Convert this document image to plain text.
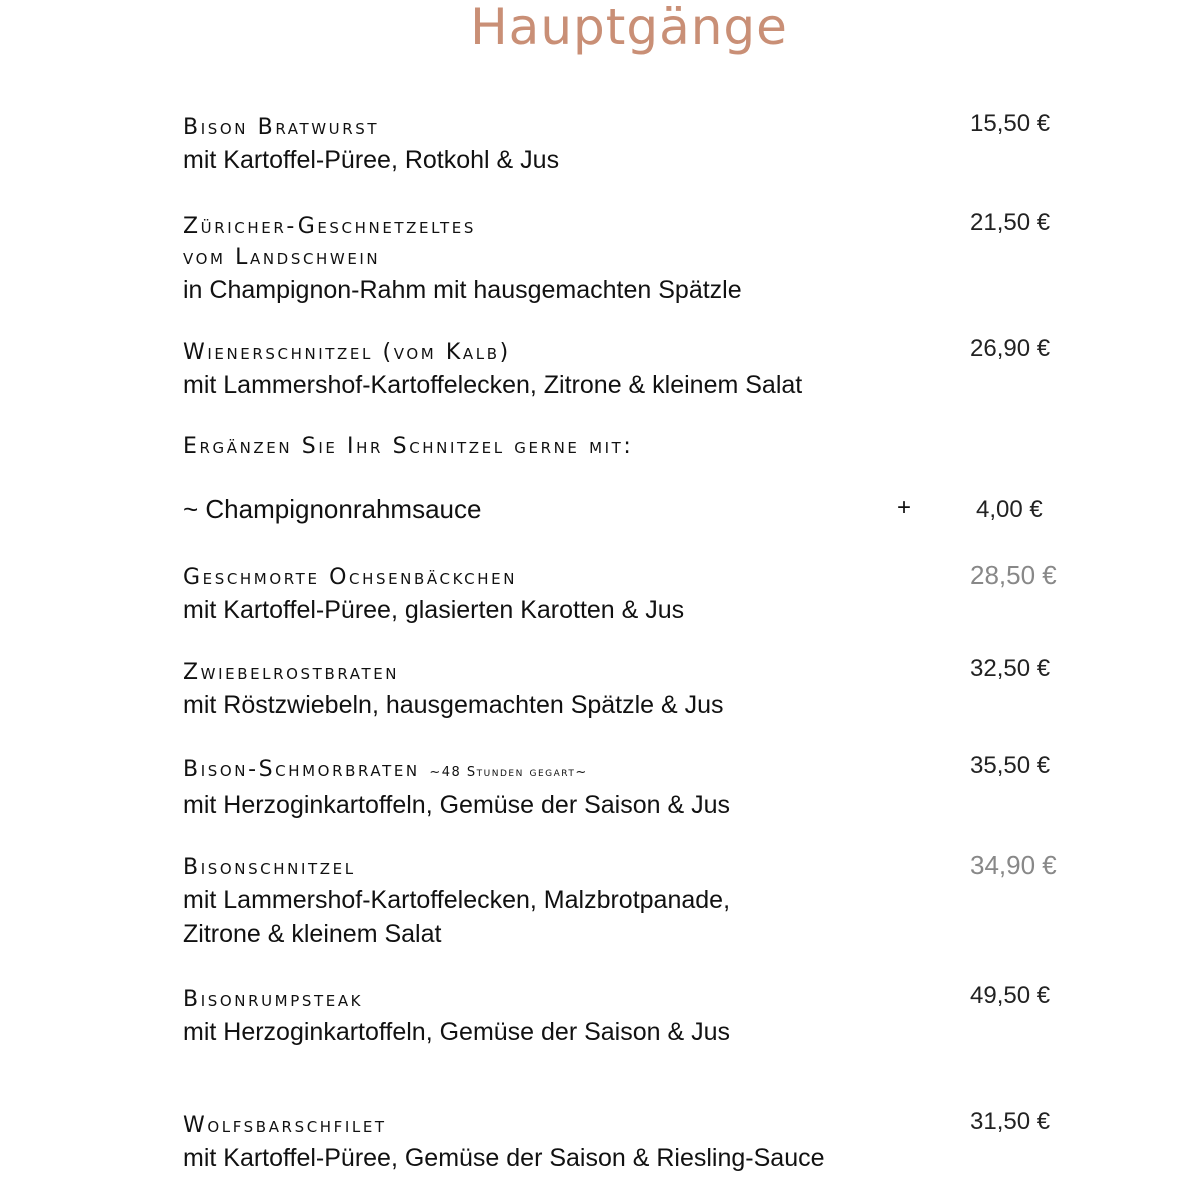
Hauptgänge
Bison Bratwurst
mit Kartoffel-Püree, Rotkohl & Jus
15,50 €
Züricher-Geschnetzeltes
vom Landschwein
in Champignon-Rahm mit hausgemachten Spätzle
21,50 €
Wienerschnitzel (vom Kalb)
mit Lammershof-Kartoffelecken, Zitrone & kleinem Salat
26,90 €
Ergänzen Sie Ihr Schnitzel gerne mit:
~ Champignonrahmsauce	+	4,00 €
Geschmorte Ochsenbäckchen
mit Kartoffel-Püree, glasierten Karotten & Jus
28,50 €
Zwiebelrostbraten
mit Röstzwiebeln, hausgemachten Spätzle & Jus
32,50 €
Bison-Schmorbraten ~48 Stunden gegart~
mit Herzoginkartoffeln, Gemüse der Saison & Jus
35,50 €
Bisonschnitzel
mit Lammershof-Kartoffelecken, Malzbrotpanade,
Zitrone & kleinem Salat
34,90 €
Bisonrumpsteak
mit Herzoginkartoffeln, Gemüse der Saison & Jus
49,50 €
Wolfsbarschfilet
mit Kartoffel-Püree, Gemüse der Saison & Riesling-Sauce
31,50 €
